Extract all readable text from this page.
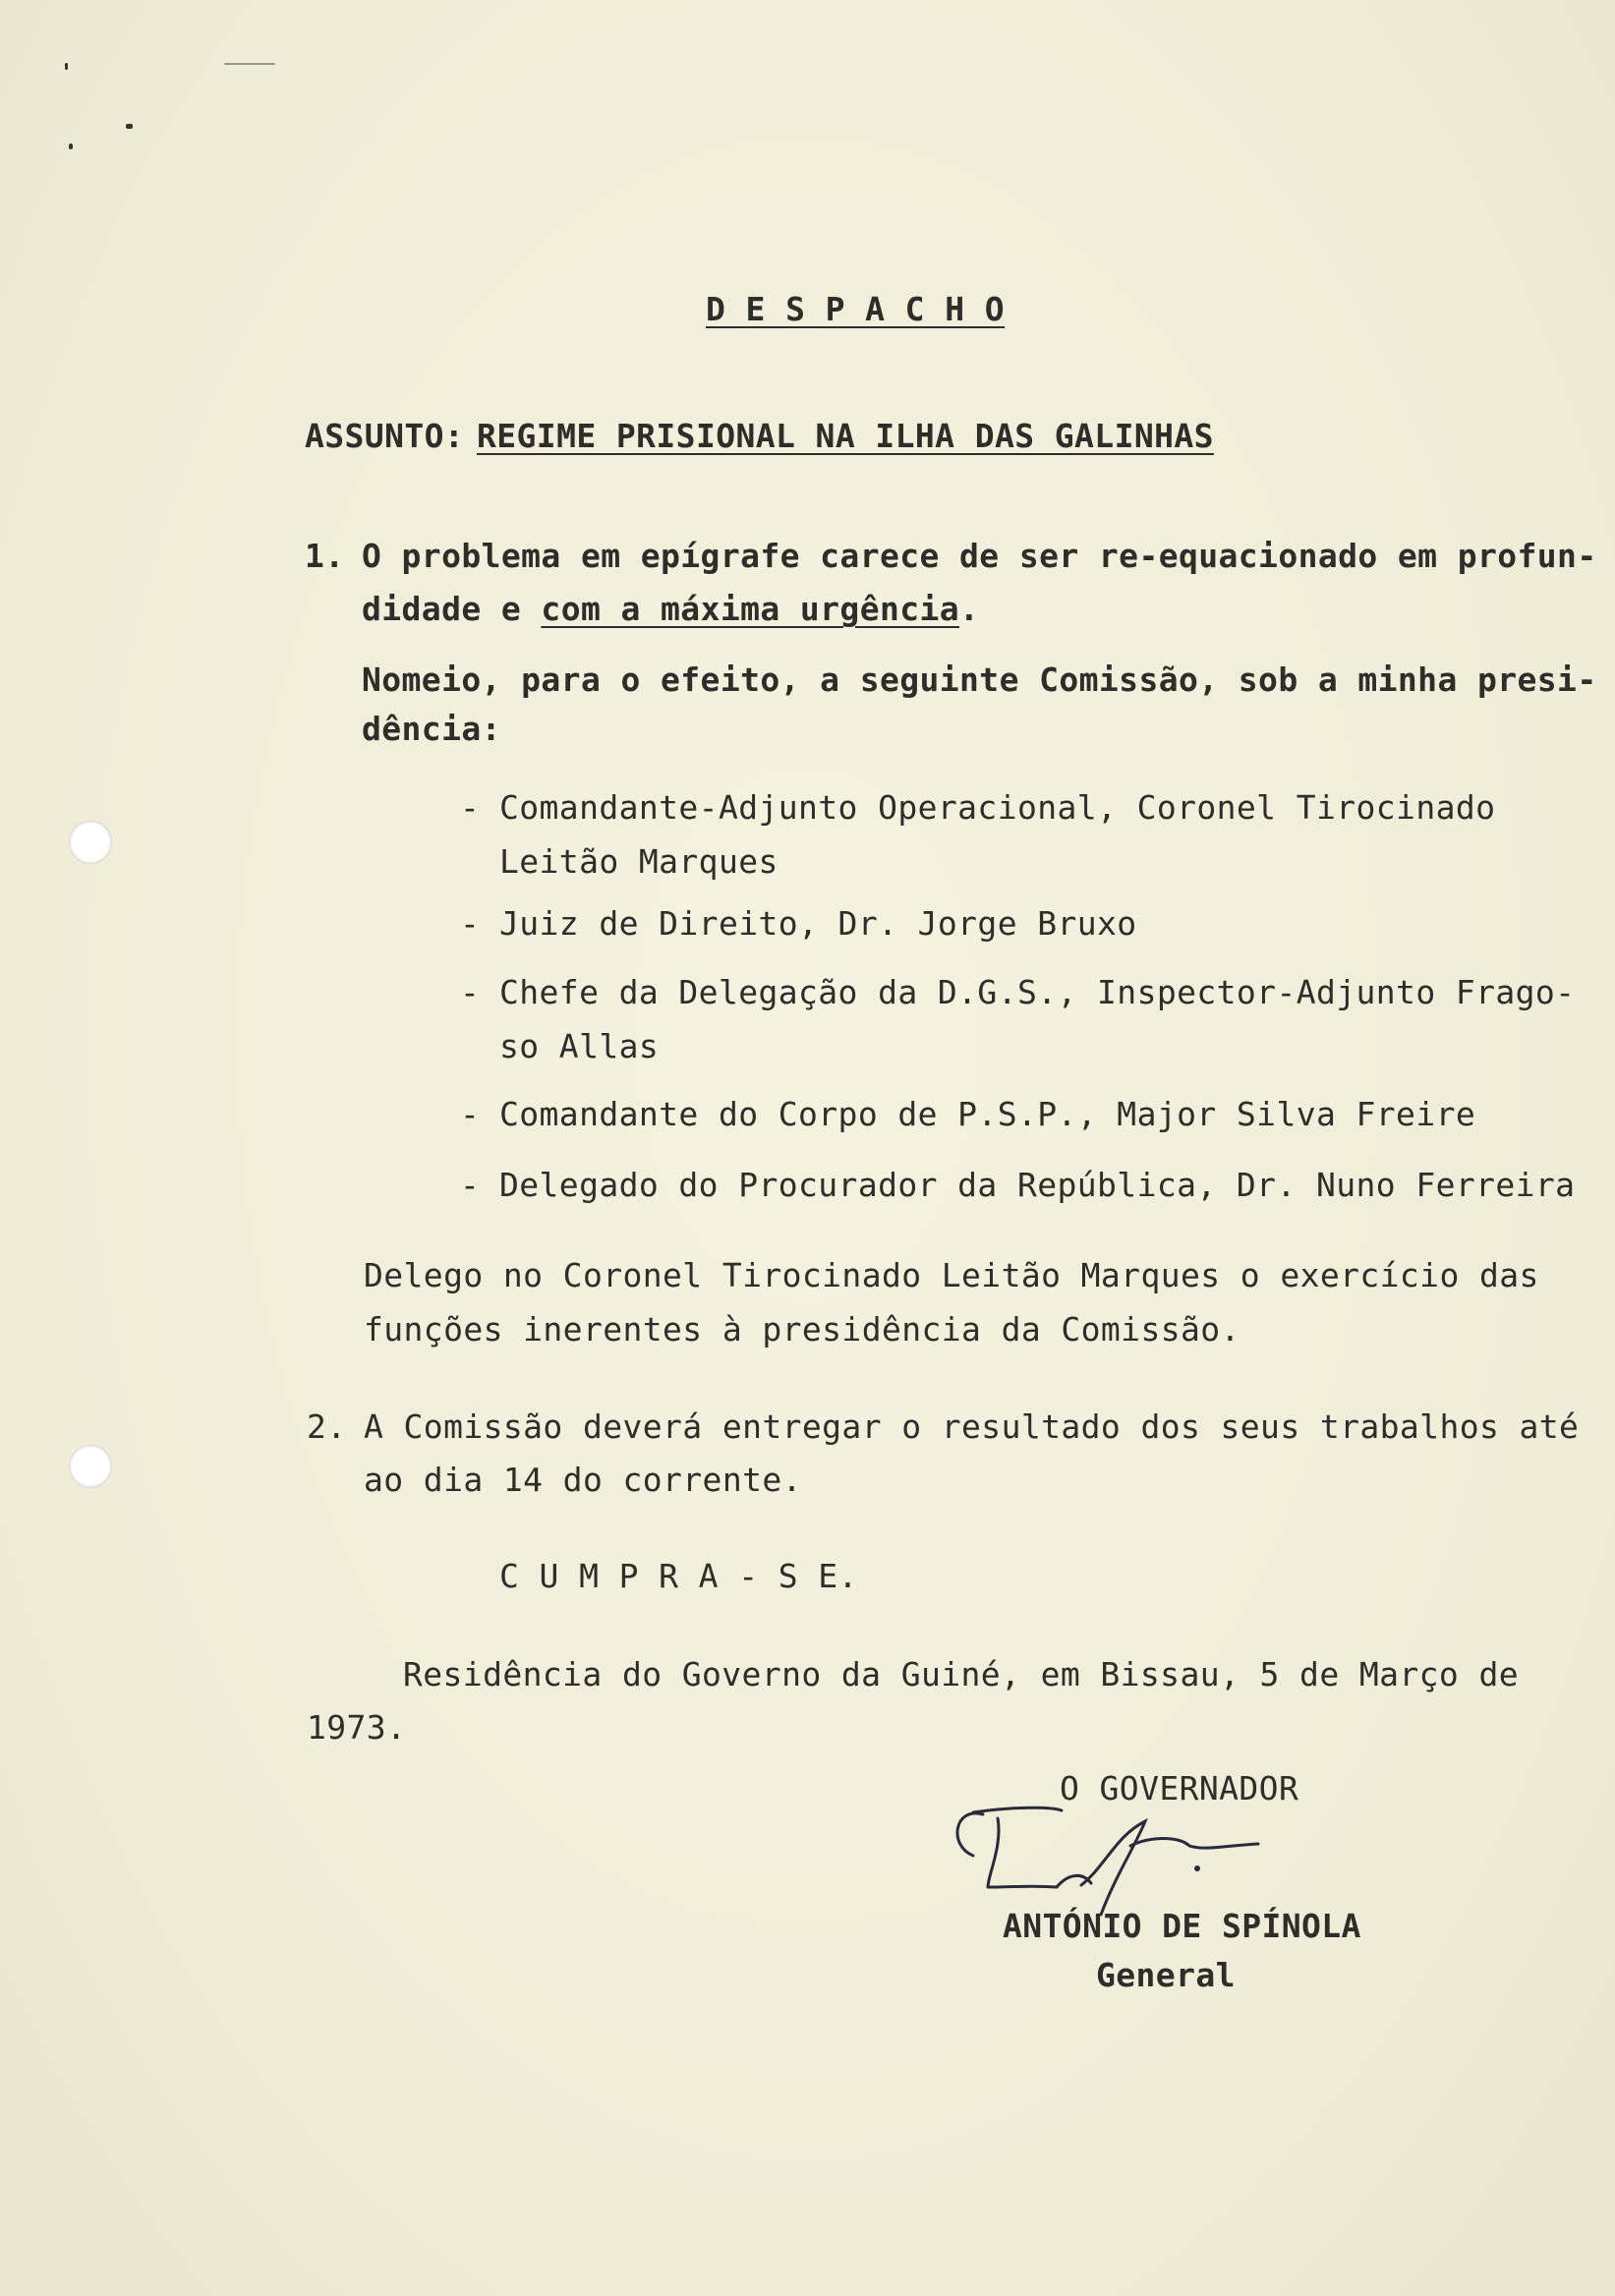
D E S P A C H O
ASSUNTO: REGIME PRISIONAL NA ILHA DAS GALINHAS
1. O problema em epígrafe carece de ser re-equacionado em profun-
didade e com a máxima urgência.
Nomeio, para o efeito, a seguinte Comissão, sob a minha presi-
dência:
- Comandante-Adjunto Operacional, Coronel Tirocinado
Leitão Marques
- Juiz de Direito, Dr. Jorge Bruxo
- Chefe da Delegação da D.G.S., Inspector-Adjunto Frago-
so Allas
- Comandante do Corpo de P.S.P., Major Silva Freire
- Delegado do Procurador da República, Dr. Nuno Ferreira
Delego no Coronel Tirocinado Leitão Marques o exercício das
funções inerentes à presidência da Comissão.
2. A Comissão deverá entregar o resultado dos seus trabalhos até
ao dia 14 do corrente.
C U M P R A - S E.
Residência do Governo da Guiné, em Bissau, 5 de Março de
1973.
O GOVERNADOR
ANTÓNIO DE SPÍNOLA
General
